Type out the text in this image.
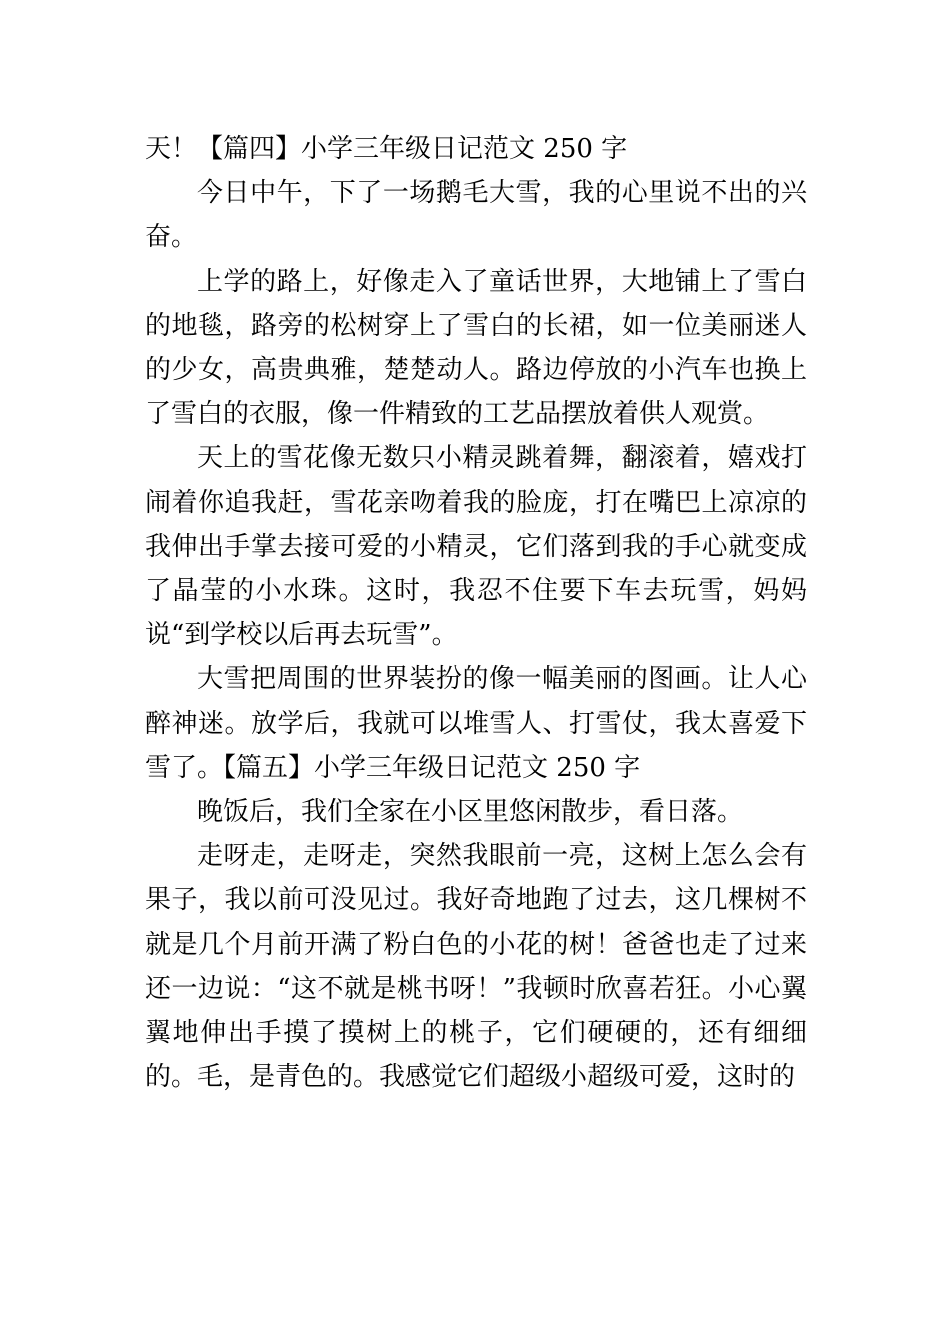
天！【篇四】小学三年级日记范文 250 字

今日中午，下了一场鹅毛大雪，我的心里说不出的兴奋。

上学的路上，好像走入了童话世界，大地铺上了雪白的地毯，路旁的松树穿上了雪白的长裙，如一位美丽迷人的少女，高贵典雅，楚楚动人。路边停放的小汽车也换上了雪白的衣服，像一件精致的工艺品摆放着供人观赏。

天上的雪花像无数只小精灵跳着舞，翻滚着，嬉戏打闹着你追我赶，雪花亲吻着我的脸庞，打在嘴巴上凉凉的我伸出手掌去接可爱的小精灵，它们落到我的手心就变成了晶莹的小水珠。这时，我忍不住要下车去玩雪，妈妈说“到学校以后再去玩雪”。

大雪把周围的世界装扮的像一幅美丽的图画。让人心醉神迷。放学后，我就可以堆雪人、打雪仗，我太喜爱下雪了。【篇五】小学三年级日记范文 250 字

晚饭后，我们全家在小区里悠闲散步，看日落。

走呀走，走呀走，突然我眼前一亮，这树上怎么会有果子，我以前可没见过。我好奇地跑了过去，这几棵树不就是几个月前开满了粉白色的小花的树！爸爸也走了过来还一边说：“这不就是桃书呀！”我顿时欣喜若狂。小心翼翼地伸出手摸了摸树上的桃子，它们硬硬的，还有细细的。毛，是青色的。我感觉它们超级小超级可爱，这时的
